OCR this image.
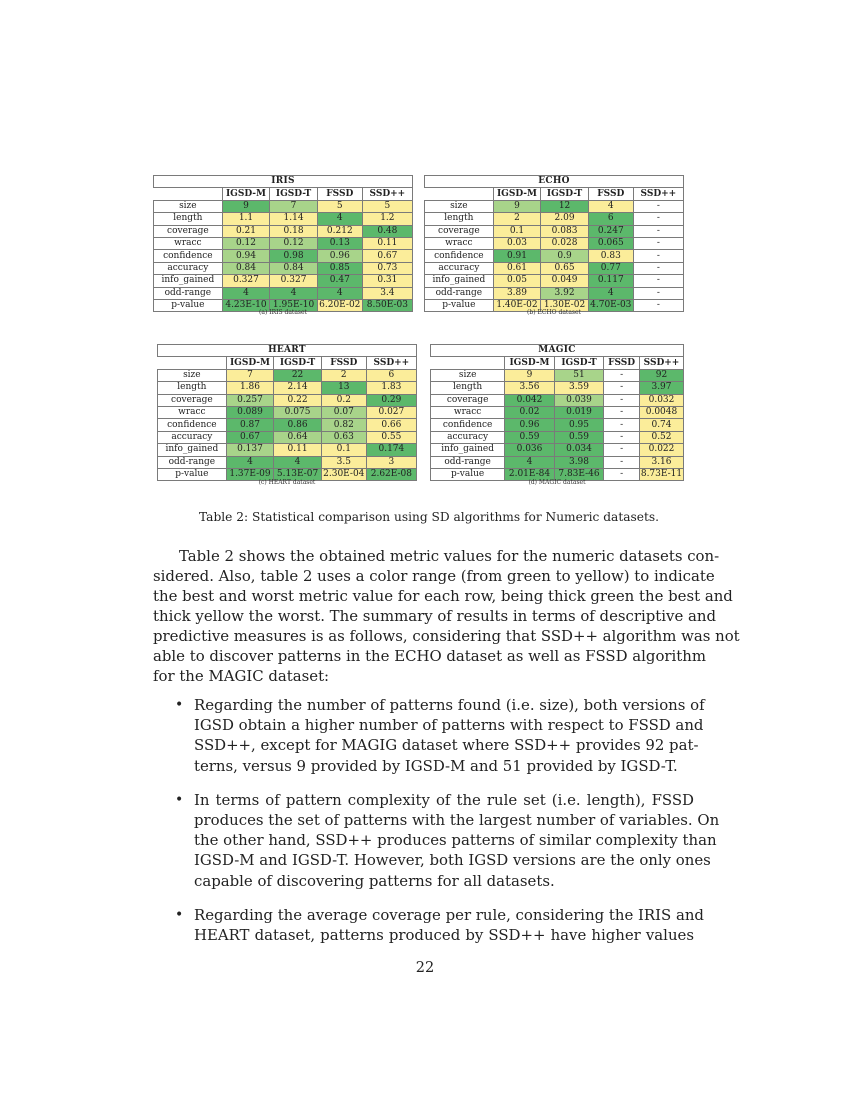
IRIS				
	IGSD-M	IGSD-T	FSSD	SSD++
size	9	7	5	5
length	1.1	1.14	4	1.2
coverage	0.21	0.18	0.212	0.48
wracc	0.12	0.12	0.13	0.11
confidence	0.94	0.98	0.96	0.67
accuracy	0.84	0.84	0.85	0.73
info_gained	0.327	0.327	0.47	0.31
odd-range	4	4	4	3.4
p-value	4.23E-10	1.95E-10	6.20E-02	8.50E-03
(a) IRIS dataset
ECHO				
	IGSD-M	IGSD-T	FSSD	SSD++
size	9	12	4	-
length	2	2.09	6	-
coverage	0.1	0.083	0.247	-
wracc	0.03	0.028	0.065	-
confidence	0.91	0.9	0.83	-
accuracy	0.61	0.65	0.77	-
info_gained	0.05	0.049	0.117	-
odd-range	3.89	3.92	4	-
p-value	1.40E-02	1.30E-02	4.70E-03	-
(b) ECHO dataset
HEART				
	IGSD-M	IGSD-T	FSSD	SSD++
size	7	22	2	6
length	1.86	2.14	13	1.83
coverage	0.257	0.22	0.2	0.29
wracc	0.089	0.075	0.07	0.027
confidence	0.87	0.86	0.82	0.66
accuracy	0.67	0.64	0.63	0.55
info_gained	0.137	0.11	0.1	0.174
odd-range	4	4	3.5	3
p-value	1.37E-09	5.13E-07	2.30E-04	2.62E-08
(c) HEART dataset
MAGIC				
	IGSD-M	IGSD-T	FSSD	SSD++
size	9	51	-	92
length	3.56	3.59	-	3.97
coverage	0.042	0.039	-	0.032
wracc	0.02	0.019	-	0.0048
confidence	0.96	0.95	-	0.74
accuracy	0.59	0.59	-	0.52
info_gained	0.036	0.034	-	0.022
odd-range	4	3.98	-	3.16
p-value	2.01E-84	7.83E-46	-	8.73E-11
(d) MAGIC dataset
Table 2: Statistical comparison using SD algorithms for Numeric datasets.
Table 2 shows the obtained metric values for the numeric datasets con-
sidered. Also, table 2 uses a color range (from green to yellow) to indicate
the best and worst metric value for each row, being thick green the best and
thick yellow the worst. The summary of results in terms of descriptive and
predictive measures is as follows, considering that SSD++ algorithm was not
able to discover patterns in the ECHO dataset as well as FSSD algorithm
for the MAGIC dataset:
• Regarding the number of patterns found (i.e. size), both versions of
IGSD obtain a higher number of patterns with respect to FSSD and
SSD++, except for MAGIG dataset where SSD++ provides 92 pat-
terns, versus 9 provided by IGSD-M and 51 provided by IGSD-T.
• In terms of pattern complexity of the rule set (i.e. length), FSSD
produces the set of patterns with the largest number of variables. On
the other hand, SSD++ produces patterns of similar complexity than
IGSD-M and IGSD-T. However, both IGSD versions are the only ones
capable of discovering patterns for all datasets.
• Regarding the average coverage per rule, considering the IRIS and
HEART dataset, patterns produced by SSD++ have higher values
22
